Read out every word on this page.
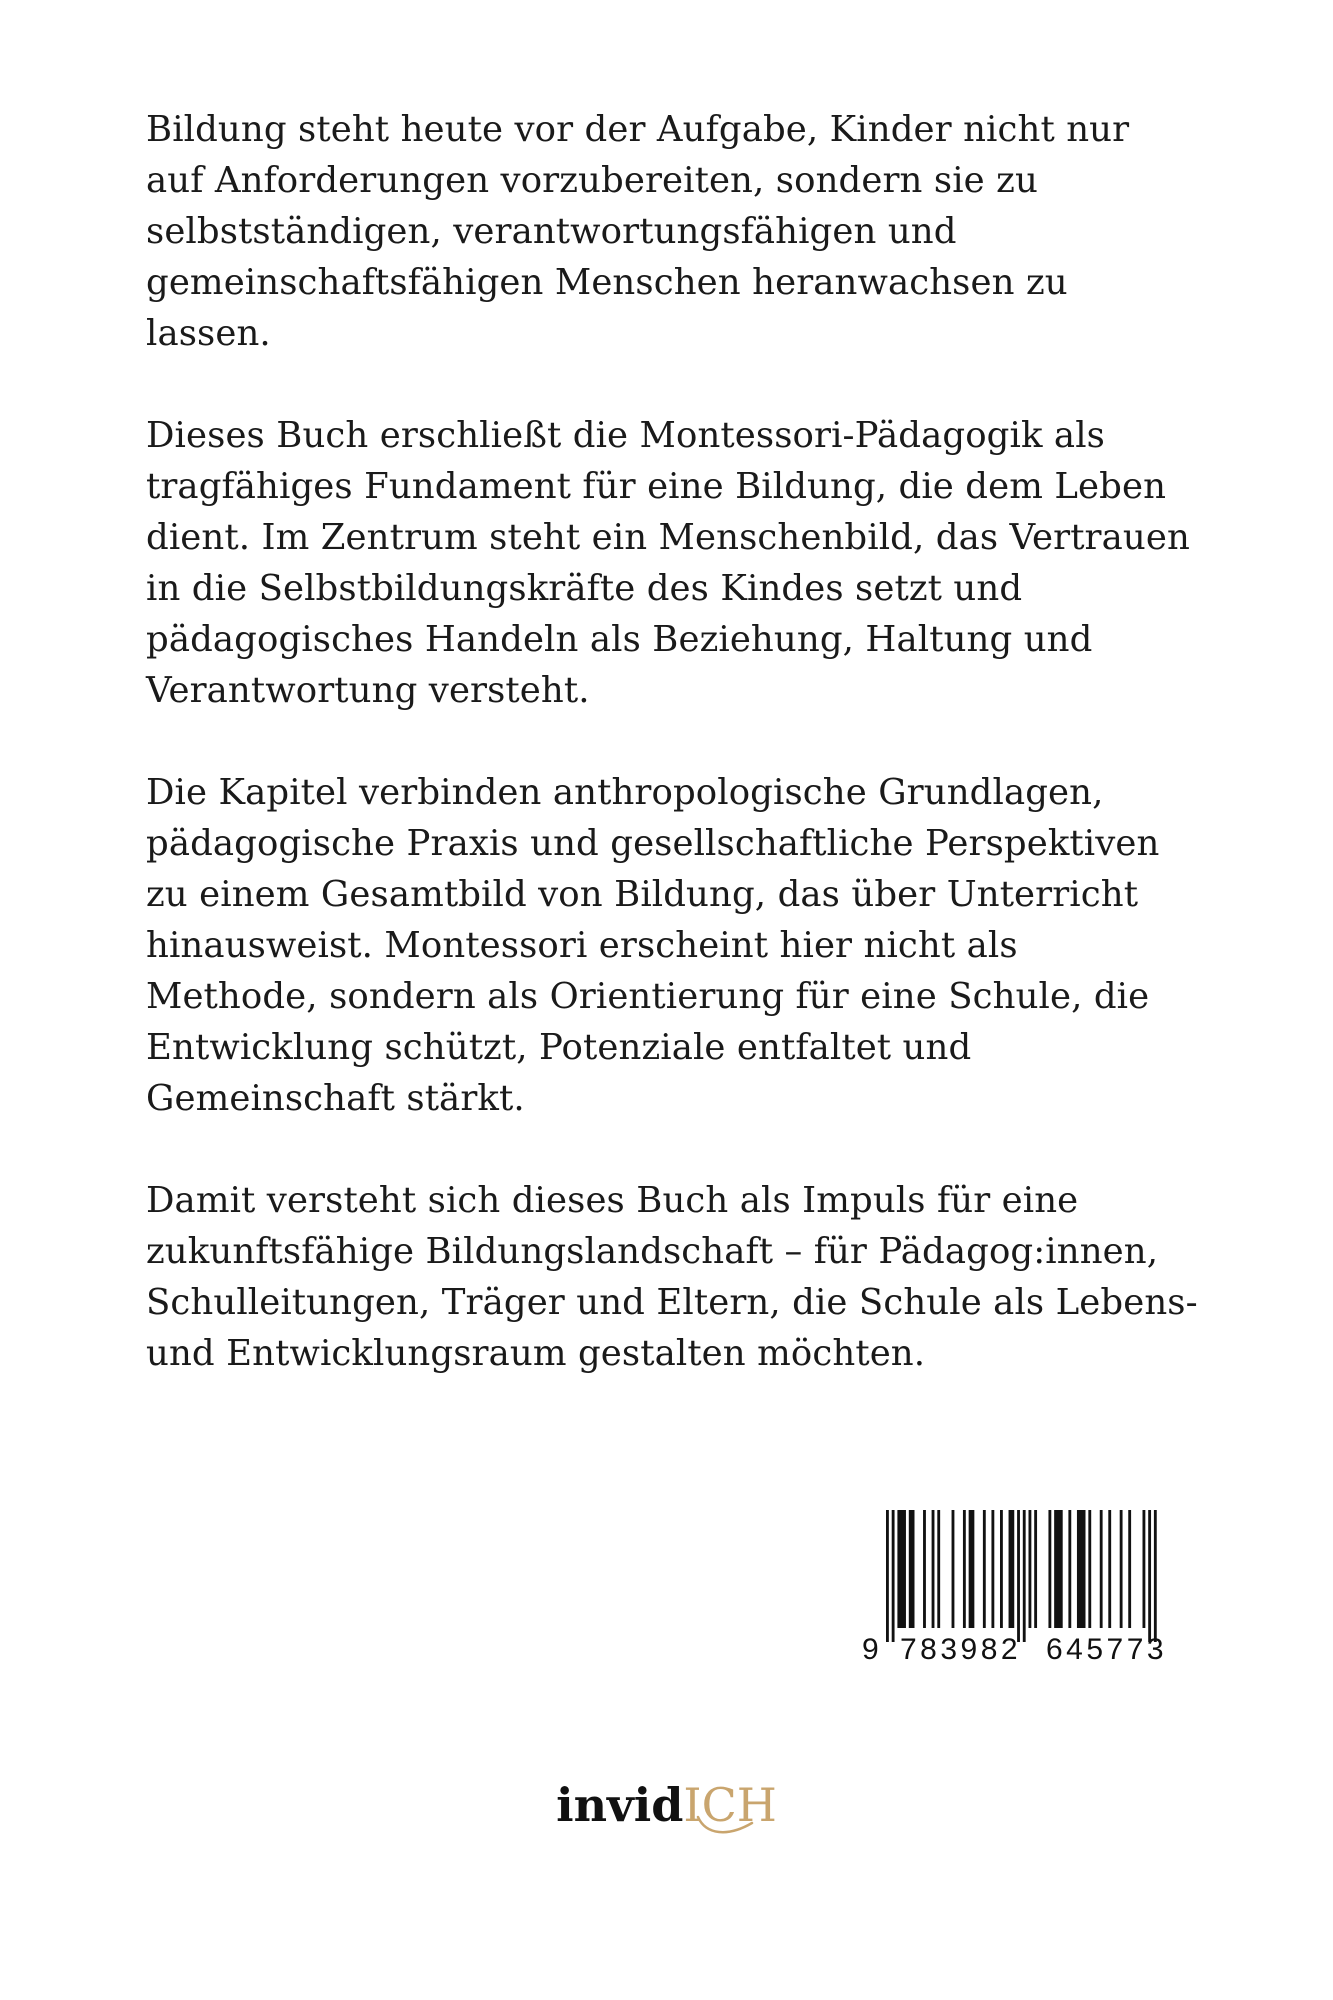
Bildung steht heute vor der Aufgabe, Kinder nicht nur
auf Anforderungen vorzubereiten, sondern sie zu
selbstständigen, verantwortungsfähigen und
gemeinschaftsfähigen Menschen heranwachsen zu
lassen.

Dieses Buch erschließt die Montessori-Pädagogik als
tragfähiges Fundament für eine Bildung, die dem Leben
dient. Im Zentrum steht ein Menschenbild, das Vertrauen
in die Selbstbildungskräfte des Kindes setzt und
pädagogisches Handeln als Beziehung, Haltung und
Verantwortung versteht.

Die Kapitel verbinden anthropologische Grundlagen,
pädagogische Praxis und gesellschaftliche Perspektiven
zu einem Gesamtbild von Bildung, das über Unterricht
hinausweist. Montessori erscheint hier nicht als
Methode, sondern als Orientierung für eine Schule, die
Entwicklung schützt, Potenziale entfaltet und
Gemeinschaft stärkt.

Damit versteht sich dieses Buch als Impuls für eine
zukunftsfähige Bildungslandschaft – für Pädagog:innen,
Schulleitungen, Träger und Eltern, die Schule als Lebens-
und Entwicklungsraum gestalten möchten.

9 783982 645773
invidICH
